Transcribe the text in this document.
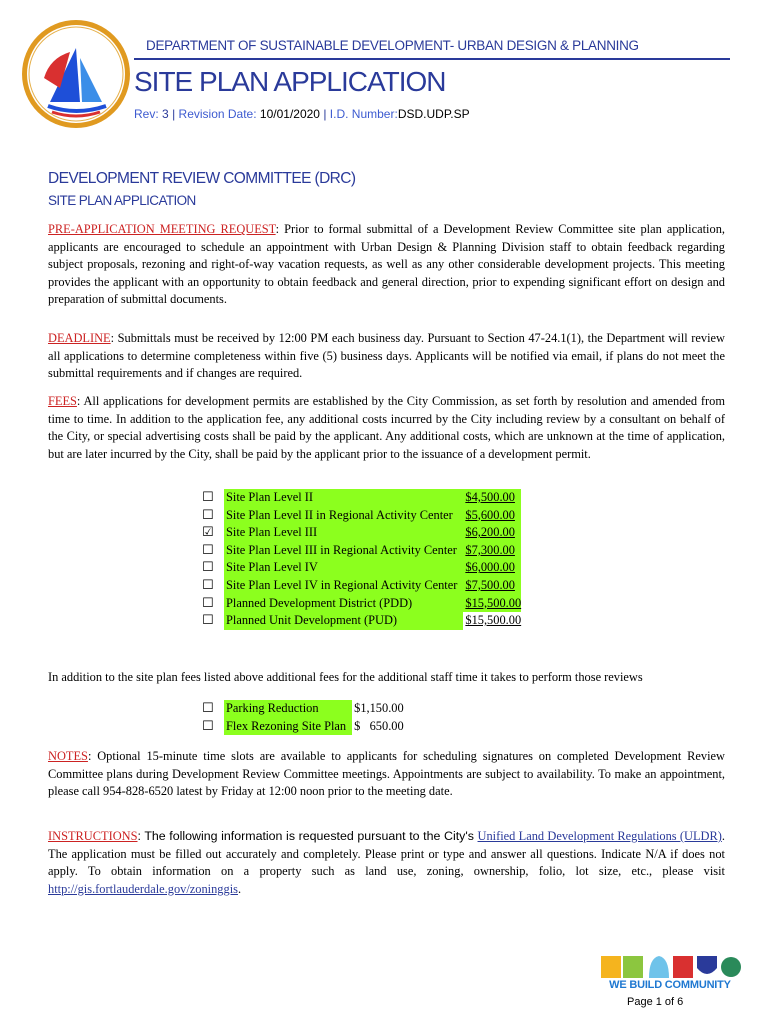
DEPARTMENT OF SUSTAINABLE DEVELOPMENT- URBAN DESIGN & PLANNING
SITE PLAN APPLICATION
Rev: 3 | Revision Date: 10/01/2020 | I.D. Number:DSD.UDP.SP
DEVELOPMENT REVIEW COMMITTEE (DRC)
SITE PLAN APPLICATION
PRE-APPLICATION MEETING REQUEST: Prior to formal submittal of a Development Review Committee site plan application, applicants are encouraged to schedule an appointment with Urban Design & Planning Division staff to obtain feedback regarding subject proposals, rezoning and right-of-way vacation requests, as well as any other considerable development projects. This meeting provides the applicant with an opportunity to obtain feedback and general direction, prior to expending significant effort on design and preparation of submittal documents.
DEADLINE: Submittals must be received by 12:00 PM each business day. Pursuant to Section 47-24.1(1), the Department will review all applications to determine completeness within five (5) business days. Applicants will be notified via email, if plans do not meet the submittal requirements and if changes are required.
FEES: All applications for development permits are established by the City Commission, as set forth by resolution and amended from time to time. In addition to the application fee, any additional costs incurred by the City including review by a consultant on behalf of the City, or special advertising costs shall be paid by the applicant. Any additional costs, which are unknown at the time of application, but are later incurred by the City, shall be paid by the applicant prior to the issuance of a development permit.
☐	Site Plan Level II	$4,500.00
☐	Site Plan Level II in Regional Activity Center	$5,600.00
☑	Site Plan Level III	$6,200.00
☐	Site Plan Level III in Regional Activity Center	$7,300.00
☐	Site Plan Level IV	$6,000.00
☐	Site Plan Level IV in Regional Activity Center	$7,500.00
☐	Planned Development District (PDD)	$15,500.00
☐	Planned Unit Development (PUD)	$15,500.00
In addition to the site plan fees listed above additional fees for the additional staff time it takes to perform those reviews
☐	Parking Reduction	$1,150.00
☐	Flex Rezoning Site Plan	$   650.00
NOTES: Optional 15-minute time slots are available to applicants for scheduling signatures on completed Development Review Committee plans during Development Review Committee meetings. Appointments are subject to availability. To make an appointment, please call 954-828-6520 latest by Friday at 12:00 noon prior to the meeting date.
INSTRUCTIONS: The following information is requested pursuant to the City's Unified Land Development Regulations (ULDR). The application must be filled out accurately and completely. Please print or type and answer all questions. Indicate N/A if does not apply. To obtain information on a property such as land use, zoning, ownership, folio, lot size, etc., please visit http://gis.fortlauderdale.gov/zoninggis.
WE BUILD COMMUNITY
Page 1 of 6
